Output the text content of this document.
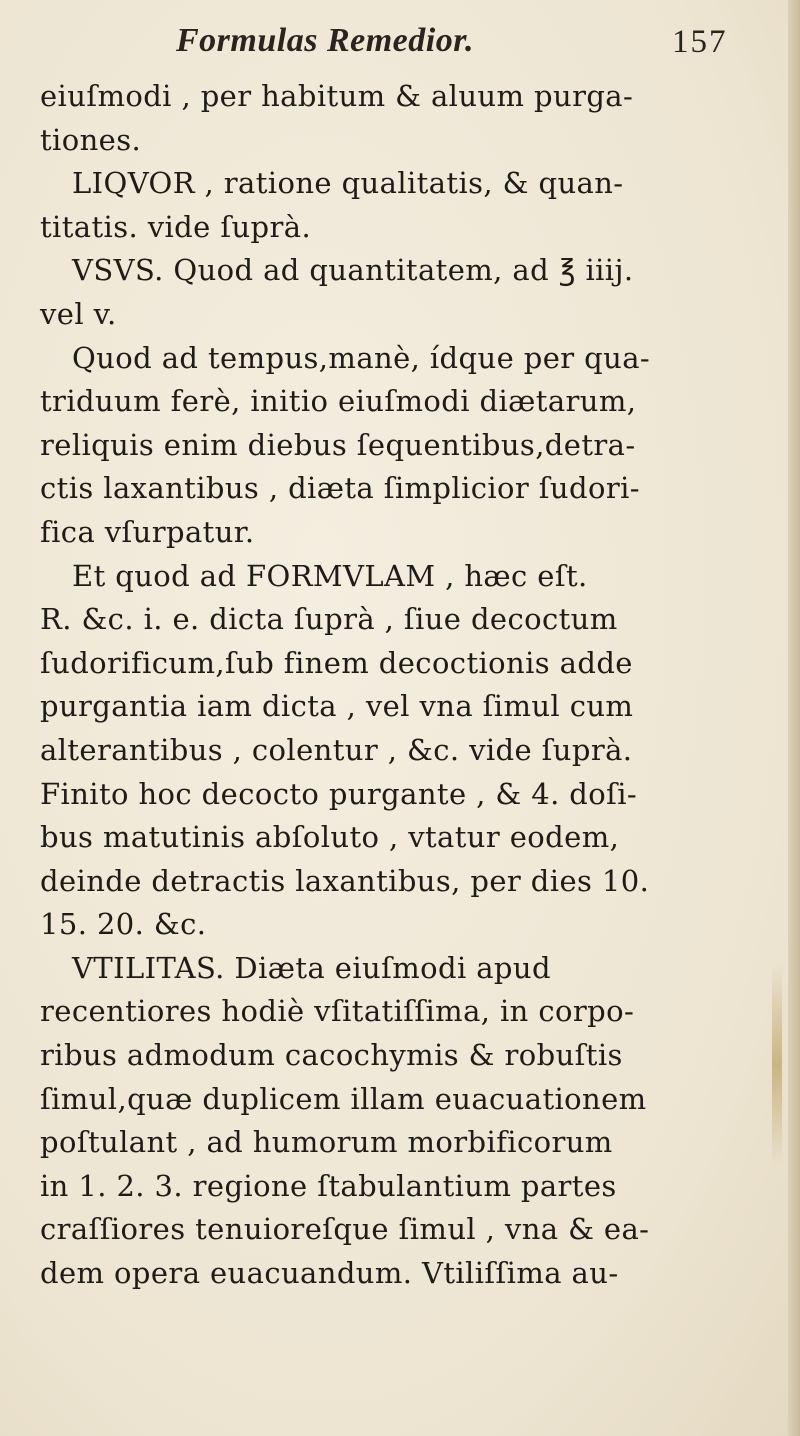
Formulas Remedior.	157
eiuſmodi , per habitum & aluum purga-
tiones.
LIQVOR , ratione qualitatis, & quan-
titatis. vide ſuprà.
VSVS. Quod ad quantitatem, ad ℥ iiij.
vel v.
Quod ad tempus,manè, ídque per qua-
triduum ferè, initio eiuſmodi diætarum,
reliquis enim diebus ſequentibus,detra-
ctis laxantibus , diæta ſimplicior ſudori-
fica vſurpatur.
Et quod ad FORMVLAM , hæc eſt.
R. &c. i. e. dicta ſuprà , ſiue decoctum
ſudorificum,ſub finem decoctionis adde
purgantia iam dicta , vel vna ſimul cum
alterantibus , colentur , &c. vide ſuprà.
Finito hoc decocto purgante , & 4. doſi-
bus matutinis abſoluto , vtatur eodem,
deinde detractis laxantibus, per dies 10.
15. 20. &c.
VTILITAS. Diæta eiuſmodi apud
recentiores hodiè vſitatiſſima, in corpo-
ribus admodum cacochymis & robuſtis
ſimul,quæ duplicem illam euacuationem
poſtulant , ad humorum morbificorum
in 1. 2. 3. regione ſtabulantium partes
craſſiores tenuioreſque ſimul , vna & ea-
dem opera euacuandum. Vtiliſſima au-
